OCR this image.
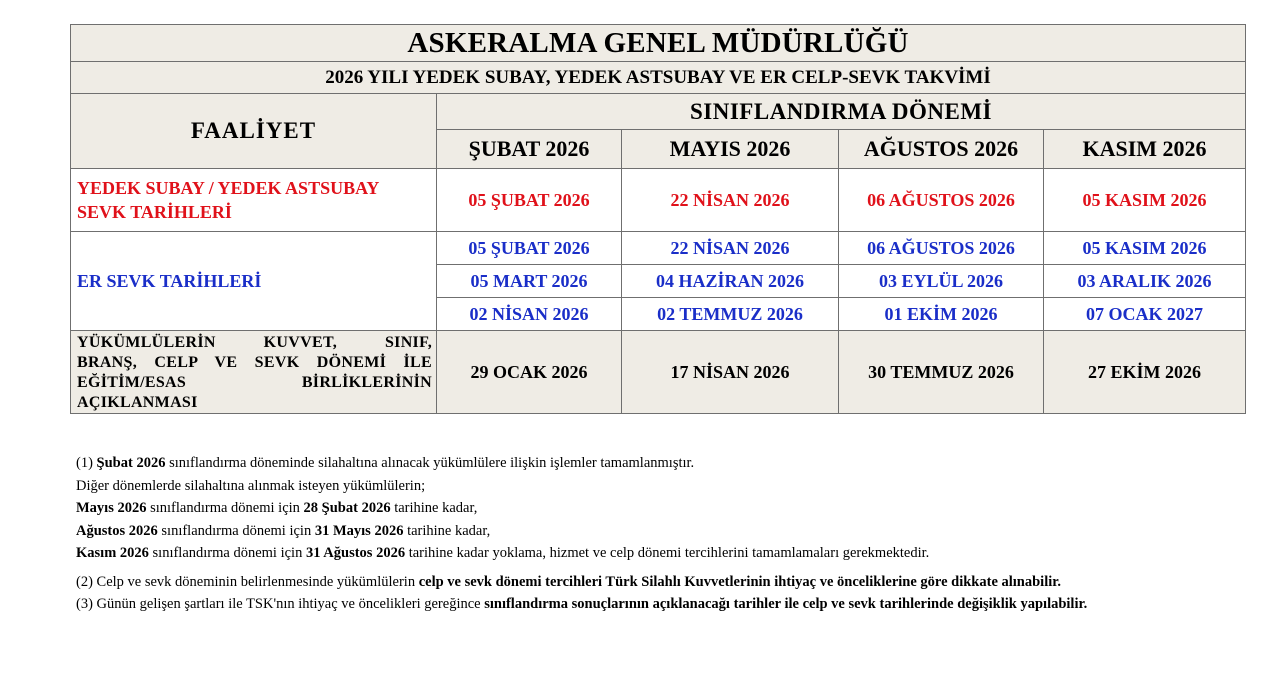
ASKERALMA GENEL MÜDÜRLÜĞÜ				
2026 YILI YEDEK SUBAY, YEDEK ASTSUBAY VE ER CELP-SEVK TAKVİMİ				
FAALİYET	SINIFLANDIRMA DÖNEMİ			
	ŞUBAT 2026	MAYIS 2026	AĞUSTOS 2026	KASIM 2026
YEDEK SUBAY / YEDEK ASTSUBAY
SEVK TARİHLERİ	05 ŞUBAT 2026	22 NİSAN 2026	06 AĞUSTOS 2026	05 KASIM 2026
ER SEVK TARİHLERİ	05 ŞUBAT 2026	22 NİSAN 2026	06 AĞUSTOS 2026	05 KASIM 2026
	05 MART 2026	04 HAZİRAN 2026	03 EYLÜL 2026	03 ARALIK 2026
	02 NİSAN 2026	02 TEMMUZ 2026	01 EKİM 2026	07 OCAK 2027

YÜKÜMLÜLERİN KUVVET, SINIF,
BRANŞ, CELP VE SEVK DÖNEMİ İLE
EĞİTİM/ESAS BİRLİKLERİNİN
AÇIKLANMASI	29 OCAK 2026	17 NİSAN 2026	30 TEMMUZ 2026	27 EKİM 2026

(1) Şubat 2026 sınıflandırma döneminde silahaltına alınacak yükümlülere ilişkin işlemler tamamlanmıştır.

Diğer dönemlerde silahaltına alınmak isteyen yükümlülerin;

Mayıs 2026 sınıflandırma dönemi için 28 Şubat 2026 tarihine kadar,

Ağustos 2026 sınıflandırma dönemi için 31 Mayıs 2026 tarihine kadar,

Kasım 2026 sınıflandırma dönemi için 31 Ağustos 2026 tarihine kadar yoklama, hizmet ve celp dönemi tercihlerini tamamlamaları gerekmektedir.

(2) Celp ve sevk döneminin belirlenmesinde yükümlülerin celp ve sevk dönemi tercihleri Türk Silahlı Kuvvetlerinin ihtiyaç ve önceliklerine göre dikkate alınabilir.

(3) Günün gelişen şartları ile TSK'nın ihtiyaç ve öncelikleri gereğince sınıflandırma sonuçlarının açıklanacağı tarihler ile celp ve sevk tarihlerinde değişiklik yapılabilir.
